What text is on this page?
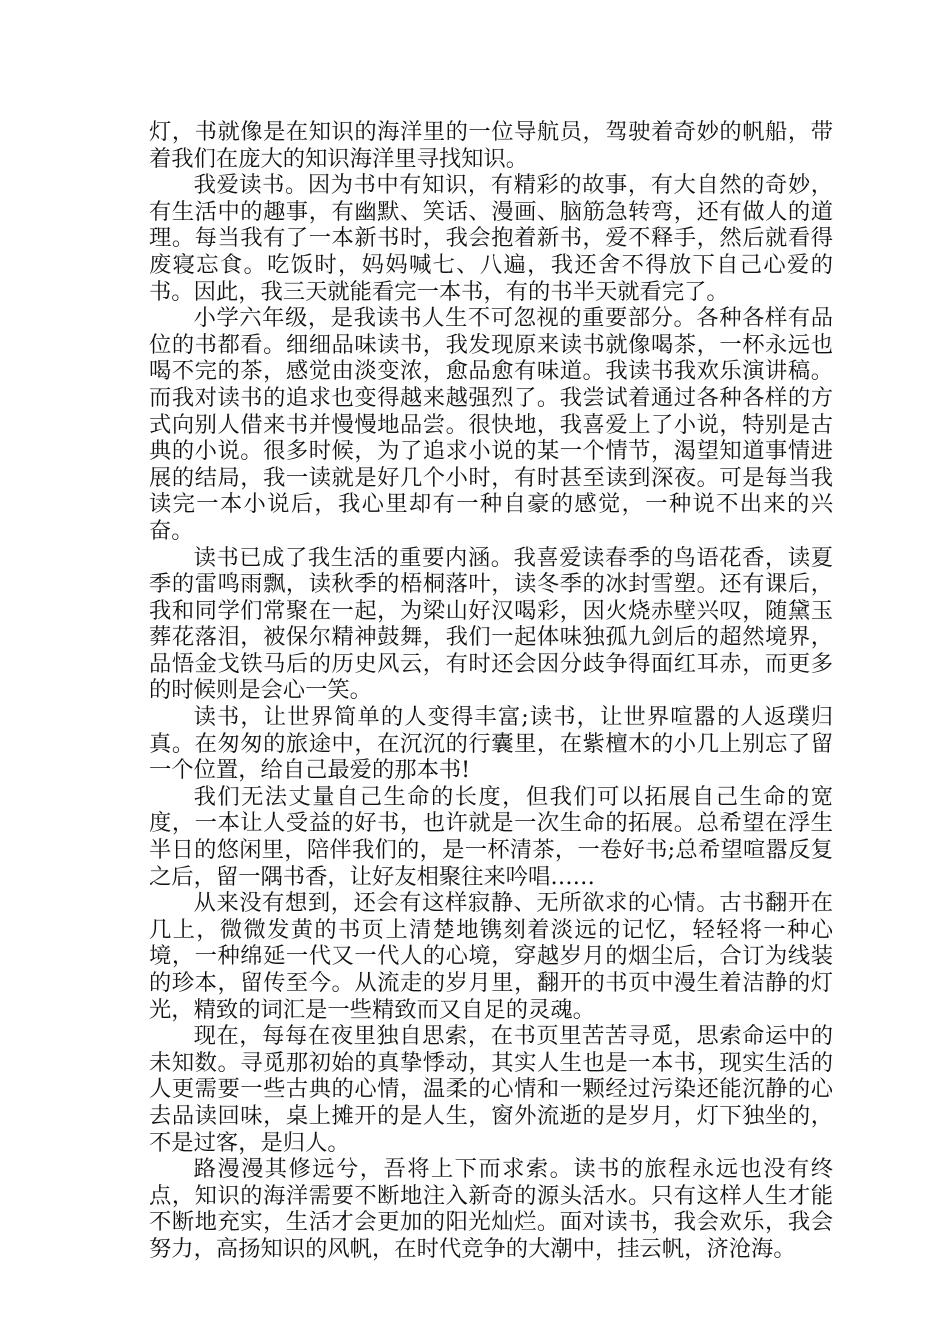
灯，书就像是在知识的海洋里的一位导航员，驾驶着奇妙的帆船，带着我们在庞大的知识海洋里寻找知识。

我爱读书。因为书中有知识，有精彩的故事，有大自然的奇妙，有生活中的趣事，有幽默、笑话、漫画、脑筋急转弯，还有做人的道理。每当我有了一本新书时，我会抱着新书，爱不释手，然后就看得废寝忘食。吃饭时，妈妈喊七、八遍，我还舍不得放下自己心爱的书。因此，我三天就能看完一本书，有的书半天就看完了。

小学六年级，是我读书人生不可忽视的重要部分。各种各样有品位的书都看。细细品味读书，我发现原来读书就像喝茶，一杯永远也喝不完的茶，感觉由淡变浓，愈品愈有味道。我读书我欢乐演讲稿。而我对读书的追求也变得越来越强烈了。我尝试着通过各种各样的方式向别人借来书并慢慢地品尝。很快地，我喜爱上了小说，特别是古典的小说。很多时候，为了追求小说的某一个情节，渴望知道事情进展的结局，我一读就是好几个小时，有时甚至读到深夜。可是每当我读完一本小说后，我心里却有一种自豪的感觉，一种说不出来的兴奋。

读书已成了我生活的重要内涵。我喜爱读春季的鸟语花香，读夏季的雷鸣雨飘，读秋季的梧桐落叶，读冬季的冰封雪塑。还有课后，我和同学们常聚在一起，为梁山好汉喝彩，因火烧赤壁兴叹，随黛玉葬花落泪，被保尔精神鼓舞，我们一起体味独孤九剑后的超然境界，品悟金戈铁马后的历史风云，有时还会因分歧争得面红耳赤，而更多的时候则是会心一笑。

读书，让世界简单的人变得丰富;读书，让世界喧嚣的人返璞归真。在匆匆的旅途中，在沉沉的行囊里，在紫檀木的小几上别忘了留一个位置，给自己最爱的那本书!

我们无法丈量自己生命的长度，但我们可以拓展自己生命的宽度，一本让人受益的好书，也许就是一次生命的拓展。总希望在浮生半日的悠闲里，陪伴我们的，是一杯清茶，一卷好书;总希望喧嚣反复之后，留一隅书香，让好友相聚往来吟唱……

从来没有想到，还会有这样寂静、无所欲求的心情。古书翻开在几上，微微发黄的书页上清楚地镌刻着淡远的记忆，轻轻将一种心境，一种绵延一代又一代人的心境，穿越岁月的烟尘后，合订为线装的珍本，留传至今。从流走的岁月里，翻开的书页中漫生着洁静的灯光，精致的词汇是一些精致而又自足的灵魂。

现在，每每在夜里独自思索，在书页里苦苦寻觅，思索命运中的未知数。寻觅那初始的真挚悸动，其实人生也是一本书，现实生活的人更需要一些古典的心情，温柔的心情和一颗经过污染还能沉静的心去品读回味，桌上摊开的是人生，窗外流逝的是岁月，灯下独坐的，不是过客，是归人。

路漫漫其修远兮，吾将上下而求索。读书的旅程永远也没有终点，知识的海洋需要不断地注入新奇的源头活水。只有这样人生才能不断地充实，生活才会更加的阳光灿烂。面对读书，我会欢乐，我会努力，高扬知识的风帆，在时代竞争的大潮中，挂云帆，济沧海。
